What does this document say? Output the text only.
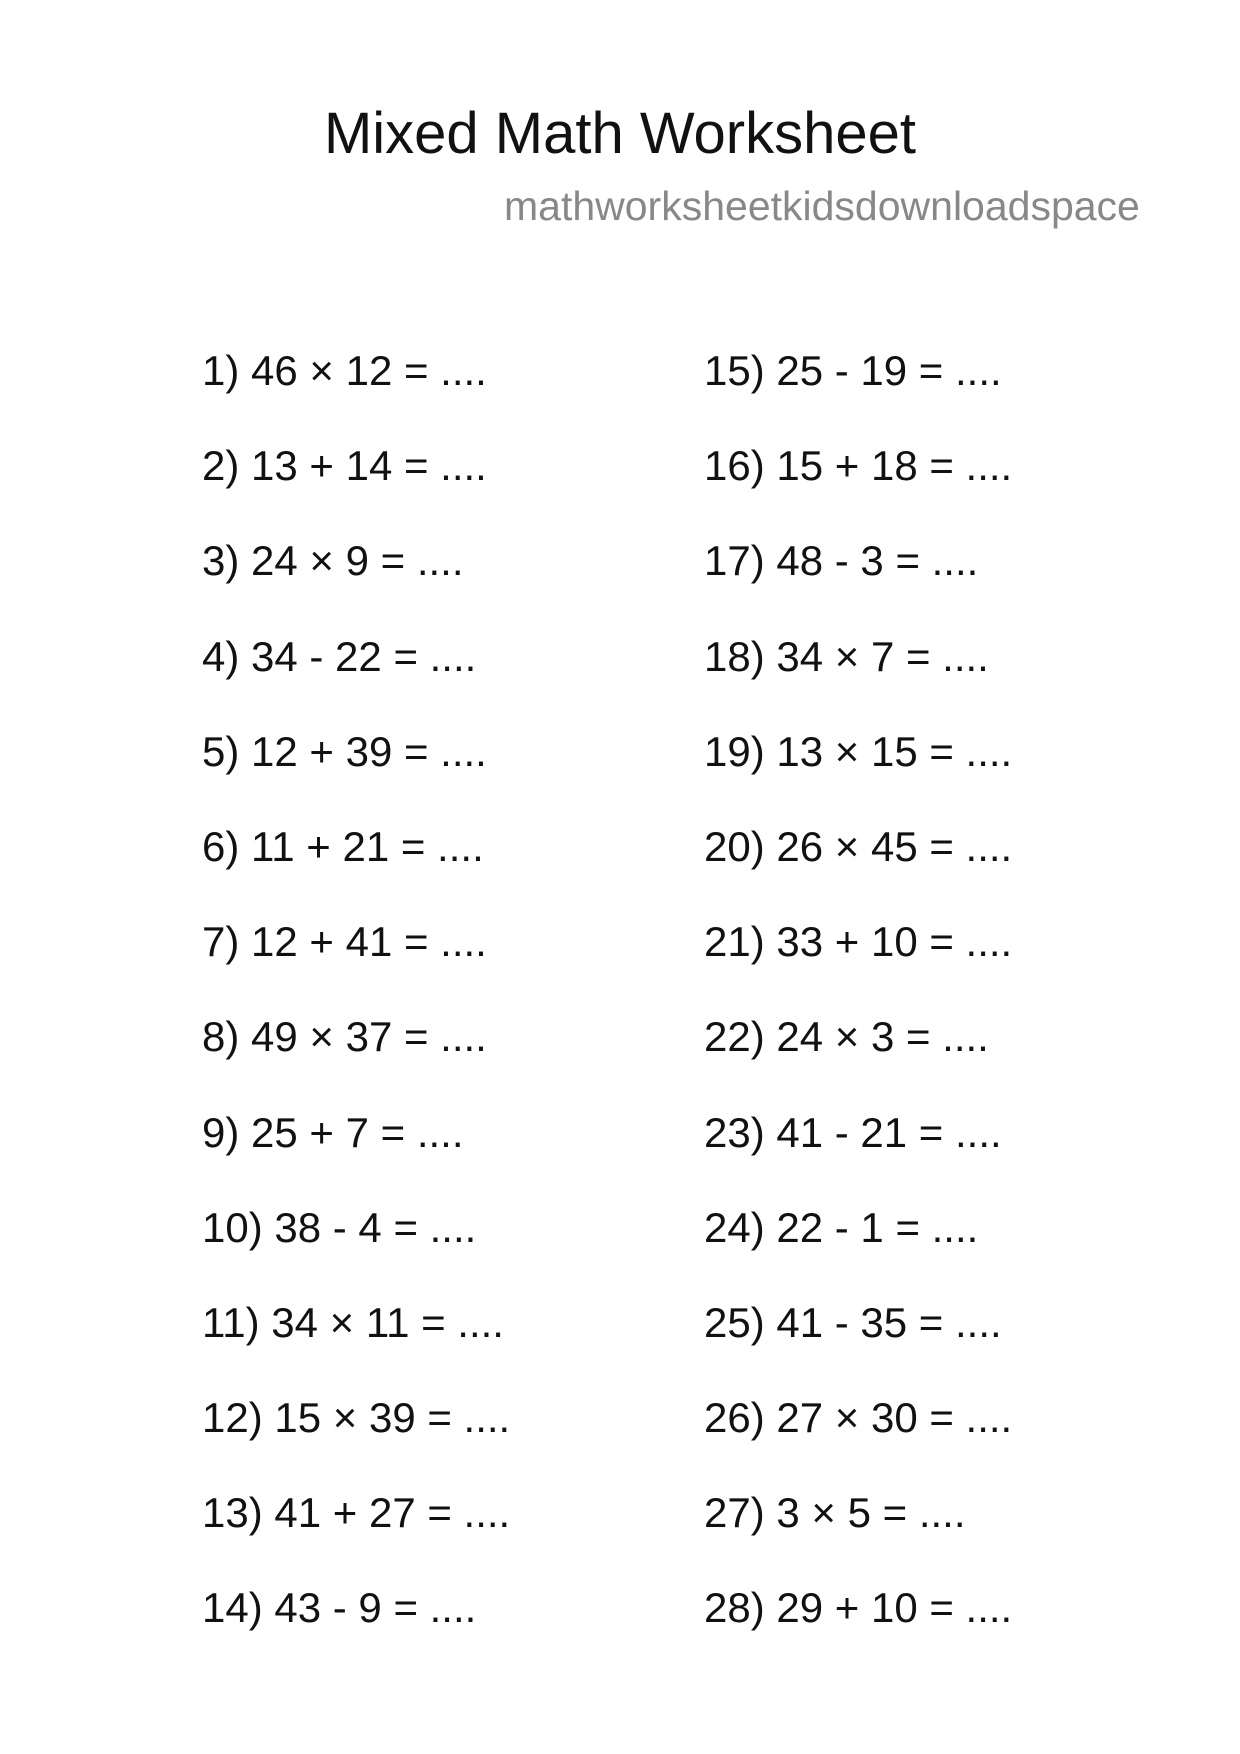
Mixed Math Worksheet
mathworksheetkidsdownloadspace
1) 46 × 12 = ....
2) 13 + 14 = ....
3) 24 × 9 = ....
4) 34 - 22 = ....
5) 12 + 39 = ....
6) 11 + 21 = ....
7) 12 + 41 = ....
8) 49 × 37 = ....
9) 25 + 7 = ....
10) 38 - 4 = ....
11) 34 × 11 = ....
12) 15 × 39 = ....
13) 41 + 27 = ....
14) 43 - 9 = ....
15) 25 - 19 = ....
16) 15 + 18 = ....
17) 48 - 3 = ....
18) 34 × 7 = ....
19) 13 × 15 = ....
20) 26 × 45 = ....
21) 33 + 10 = ....
22) 24 × 3 = ....
23) 41 - 21 = ....
24) 22 - 1 = ....
25) 41 - 35 = ....
26) 27 × 30 = ....
27) 3 × 5 = ....
28) 29 + 10 = ....
